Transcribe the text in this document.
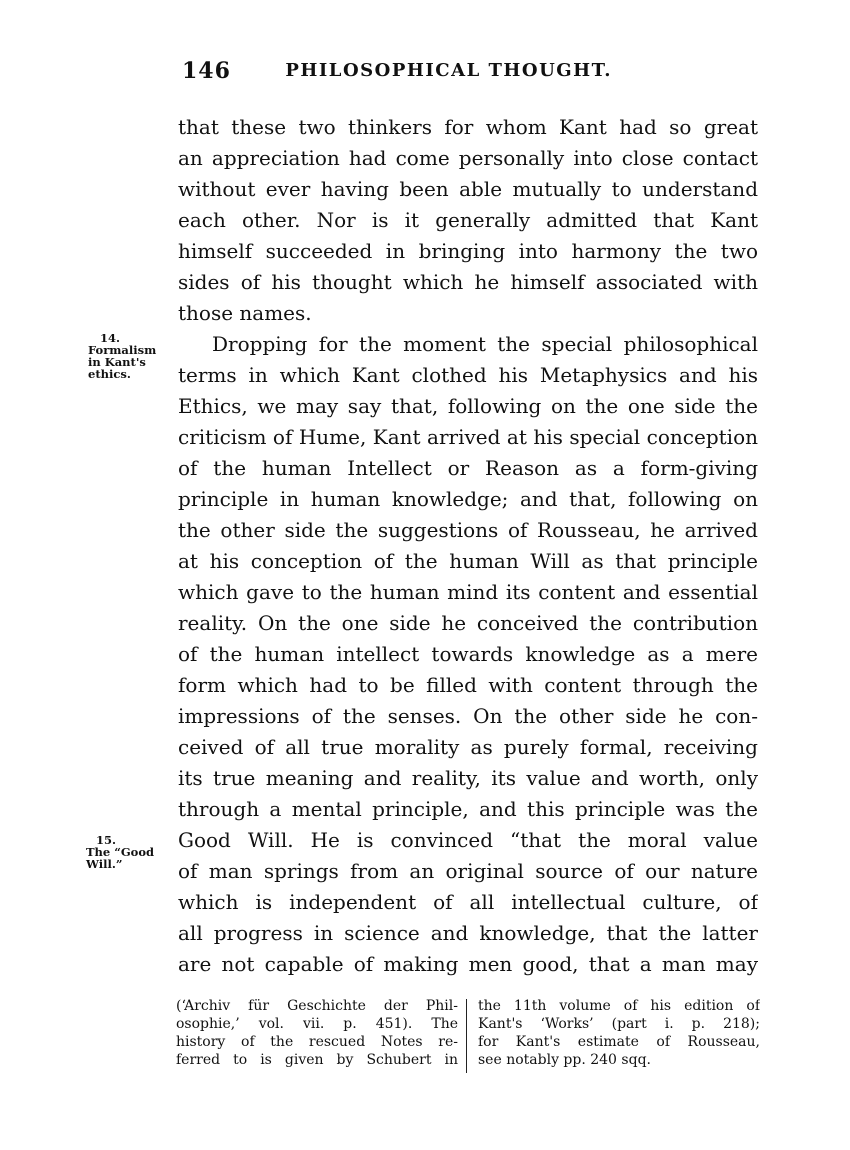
146	PHILOSOPHICAL THOUGHT.
14.
Formalism
in Kant's
ethics.
15.
The “Good
Will.”
that these two thinkers for whom Kant had so great
an appreciation had come personally into close contact
without ever having been able mutually to understand
each other. Nor is it generally admitted that Kant
himself succeeded in bringing into harmony the two
sides of his thought which he himself associated with
those names.
Dropping for the moment the special philosophical
terms in which Kant clothed his Metaphysics and his
Ethics, we may say that, following on the one side the
criticism of Hume, Kant arrived at his special conception
of the human Intellect or Reason as a form-giving
principle in human knowledge; and that, following on
the other side the suggestions of Rousseau, he arrived
at his conception of the human Will as that principle
which gave to the human mind its content and essential
reality. On the one side he conceived the contribution
of the human intellect towards knowledge as a mere
form which had to be filled with content through the
impressions of the senses. On the other side he con-
ceived of all true morality as purely formal, receiving
its true meaning and reality, its value and worth, only
through a mental principle, and this principle was the
Good Will. He is convinced “that the moral value
of man springs from an original source of our nature
which is independent of all intellectual culture, of
all progress in science and knowledge, that the latter
are not capable of making men good, that a man may
(‘Archiv für Geschichte der Phil-
osophie,’ vol. vii. p. 451). The
history of the rescued Notes re-
ferred to is given by Schubert in
the 11th volume of his edition of
Kant's ‘Works’ (part i. p. 218);
for Kant's estimate of Rousseau,
see notably pp. 240 sqq.
